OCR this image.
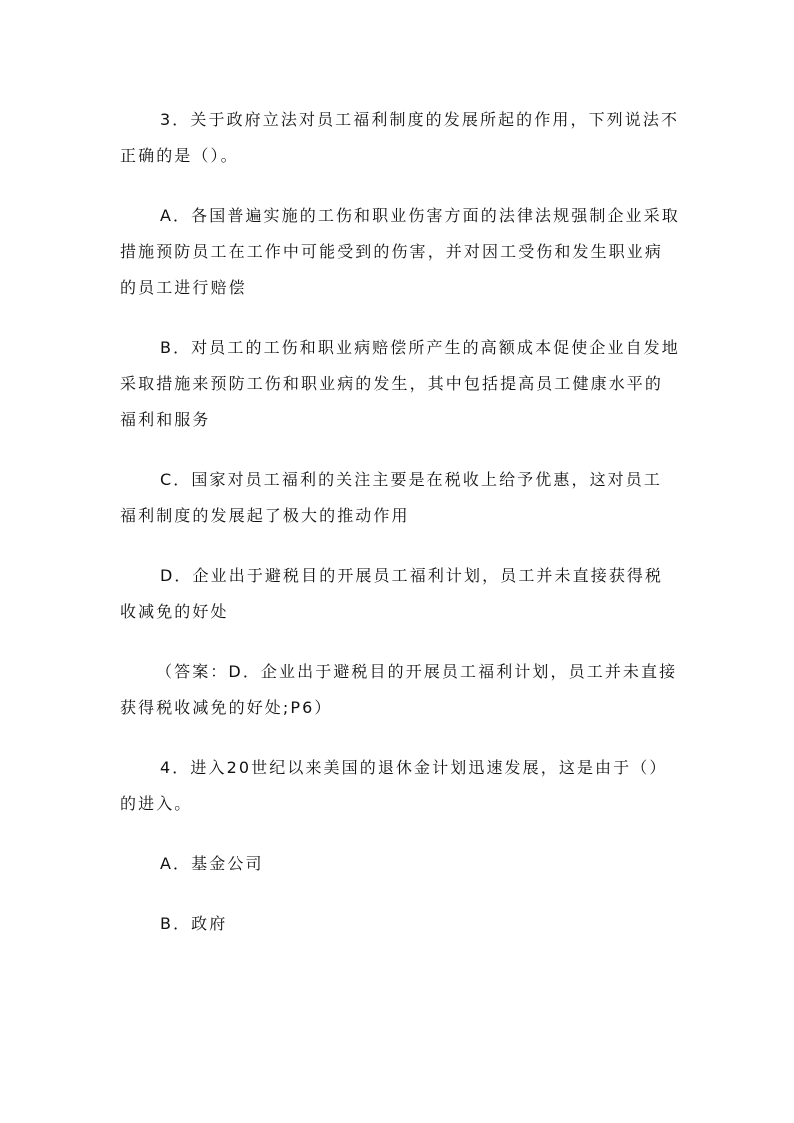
3．关于政府立法对员工福利制度的发展所起的作用，下列说法不正确的是（）。

A．各国普遍实施的工伤和职业伤害方面的法律法规强制企业采取措施预防员工在工作中可能受到的伤害，并对因工受伤和发生职业病的员工进行赔偿

B．对员工的工伤和职业病赔偿所产生的高额成本促使企业自发地采取措施来预防工伤和职业病的发生，其中包括提高员工健康水平的福利和服务

C．国家对员工福利的关注主要是在税收上给予优惠，这对员工福利制度的发展起了极大的推动作用

D．企业出于避税目的开展员工福利计划，员工并未直接获得税收减免的好处

（答案：D．企业出于避税目的开展员工福利计划，员工并未直接获得税收减免的好处;P6）

4．进入20世纪以来美国的退休金计划迅速发展，这是由于（）的进入。

A．基金公司

B．政府
